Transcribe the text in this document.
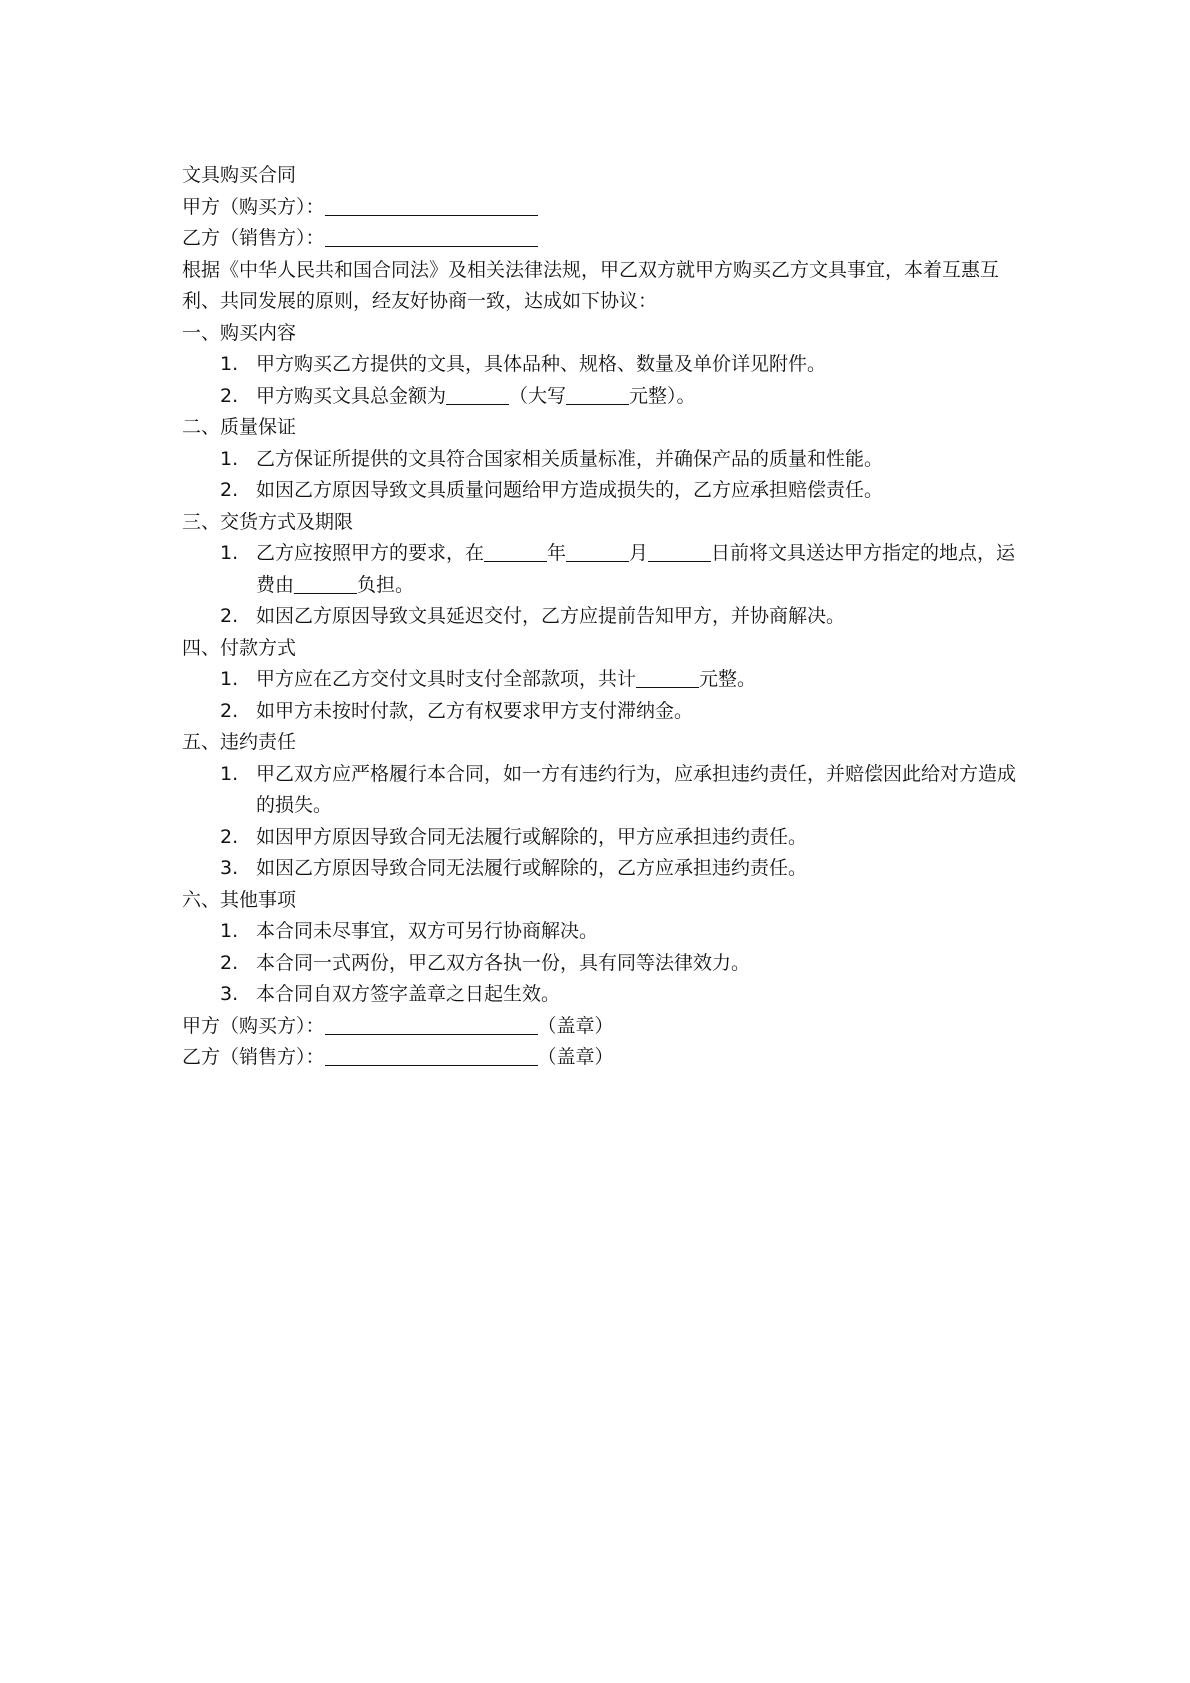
文具购买合同

甲方（购买方）：

乙方（销售方）：

根据《中华人民共和国合同法》及相关法律法规，甲乙双方就甲方购买乙方文具事宜，本着互惠互利、共同发展的原则，经友好协商一致，达成如下协议：

一、购买内容

1. 甲方购买乙方提供的文具，具体品种、规格、数量及单价详见附件。

2. 甲方购买文具总金额为	（大写	元整）。

二、质量保证

1. 乙方保证所提供的文具符合国家相关质量标准，并确保产品的质量和性能。

2. 如因乙方原因导致文具质量问题给甲方造成损失的，乙方应承担赔偿责任。

三、交货方式及期限

1. 乙方应按照甲方的要求，在	年	月	日前将文具送达甲方指定的地点，运费由	负担。

2. 如因乙方原因导致文具延迟交付，乙方应提前告知甲方，并协商解决。

四、付款方式

1. 甲方应在乙方交付文具时支付全部款项，共计	元整。

2. 如甲方未按时付款，乙方有权要求甲方支付滞纳金。

五、违约责任

1. 甲乙双方应严格履行本合同，如一方有违约行为，应承担违约责任，并赔偿因此给对方造成的损失。

2. 如因甲方原因导致合同无法履行或解除的，甲方应承担违约责任。

3. 如因乙方原因导致合同无法履行或解除的，乙方应承担违约责任。

六、其他事项

1. 本合同未尽事宜，双方可另行协商解决。

2. 本合同一式两份，甲乙双方各执一份，具有同等法律效力。

3. 本合同自双方签字盖章之日起生效。

甲方（购买方）：	（盖章）

乙方（销售方）：	（盖章）
